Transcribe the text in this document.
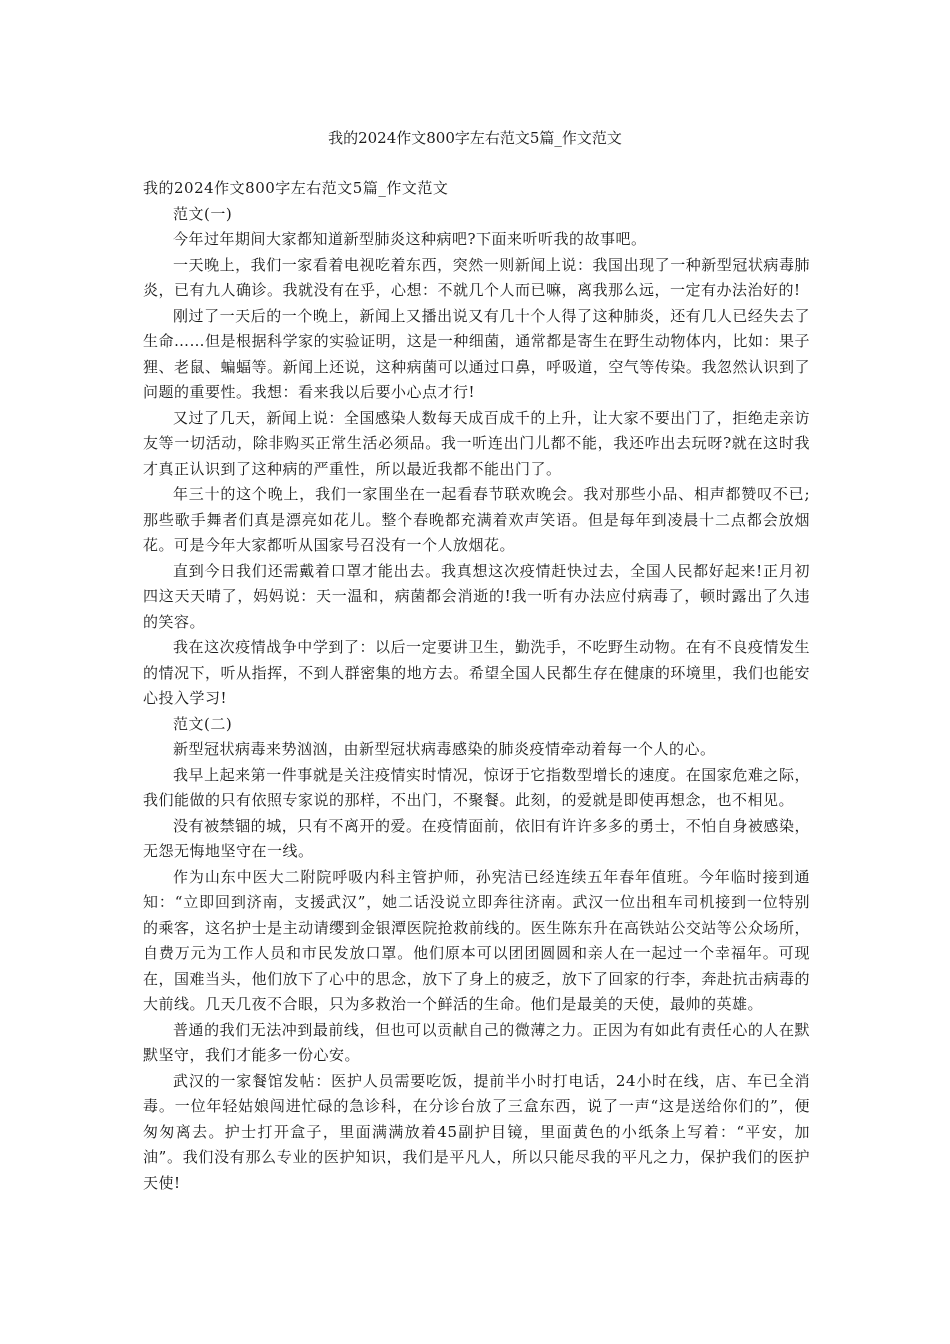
我的2024作文800字左右范文5篇_作文范文

我的2024作文800字左右范文5篇_作文范文

范文(一)

今年过年期间大家都知道新型肺炎这种病吧?下面来听听我的故事吧。

一天晚上，我们一家看着电视吃着东西，突然一则新闻上说：我国出现了一种新型冠状病毒肺炎，已有九人确诊。我就没有在乎，心想：不就几个人而已嘛，离我那么远，一定有办法治好的!

刚过了一天后的一个晚上，新闻上又播出说又有几十个人得了这种肺炎，还有几人已经失去了生命……但是根据科学家的实验证明，这是一种细菌，通常都是寄生在野生动物体内，比如：果子狸、老鼠、蝙蝠等。新闻上还说，这种病菌可以通过口鼻，呼吸道，空气等传染。我忽然认识到了问题的重要性。我想：看来我以后要小心点才行!

又过了几天，新闻上说：全国感染人数每天成百成千的上升，让大家不要出门了，拒绝走亲访友等一切活动，除非购买正常生活必须品。我一听连出门儿都不能，我还咋出去玩呀?就在这时我才真正认识到了这种病的严重性，所以最近我都不能出门了。

年三十的这个晚上，我们一家围坐在一起看春节联欢晚会。我对那些小品、相声都赞叹不已;那些歌手舞者们真是漂亮如花儿。整个春晚都充满着欢声笑语。但是每年到凌晨十二点都会放烟花。可是今年大家都听从国家号召没有一个人放烟花。

直到今日我们还需戴着口罩才能出去。我真想这次疫情赶快过去，全国人民都好起来!正月初四这天天晴了，妈妈说：天一温和，病菌都会消逝的!我一听有办法应付病毒了，顿时露出了久违的笑容。

我在这次疫情战争中学到了：以后一定要讲卫生，勤洗手，不吃野生动物。在有不良疫情发生的情况下，听从指挥，不到人群密集的地方去。希望全国人民都生存在健康的环境里，我们也能安心投入学习!

范文(二)

新型冠状病毒来势汹汹，由新型冠状病毒感染的肺炎疫情牵动着每一个人的心。

我早上起来第一件事就是关注疫情实时情况，惊讶于它指数型增长的速度。在国家危难之际，我们能做的只有依照专家说的那样，不出门，不聚餐。此刻，的爱就是即使再想念，也不相见。

没有被禁锢的城，只有不离开的爱。在疫情面前，依旧有许许多多的勇士，不怕自身被感染，无怨无悔地坚守在一线。

作为山东中医大二附院呼吸内科主管护师，孙宪洁已经连续五年春年值班。今年临时接到通知：“立即回到济南，支援武汉”，她二话没说立即奔往济南。武汉一位出租车司机接到一位特别的乘客，这名护士是主动请缨到金银潭医院抢救前线的。医生陈东升在高铁站公交站等公众场所，自费万元为工作人员和市民发放口罩。他们原本可以团团圆圆和亲人在一起过一个幸福年。可现在，国难当头，他们放下了心中的思念，放下了身上的疲乏，放下了回家的行李，奔赴抗击病毒的大前线。几天几夜不合眼，只为多救治一个鲜活的生命。他们是最美的天使，最帅的英雄。

普通的我们无法冲到最前线，但也可以贡献自己的微薄之力。正因为有如此有责任心的人在默默坚守，我们才能多一份心安。

武汉的一家餐馆发帖：医护人员需要吃饭，提前半小时打电话，24小时在线，店、车已全消毒。一位年轻姑娘闯进忙碌的急诊科，在分诊台放了三盒东西，说了一声“这是送给你们的”，便匆匆离去。护士打开盒子，里面满满放着45副护目镜，里面黄色的小纸条上写着：“平安，加油”。我们没有那么专业的医护知识，我们是平凡人，所以只能尽我的平凡之力，保护我们的医护天使!
